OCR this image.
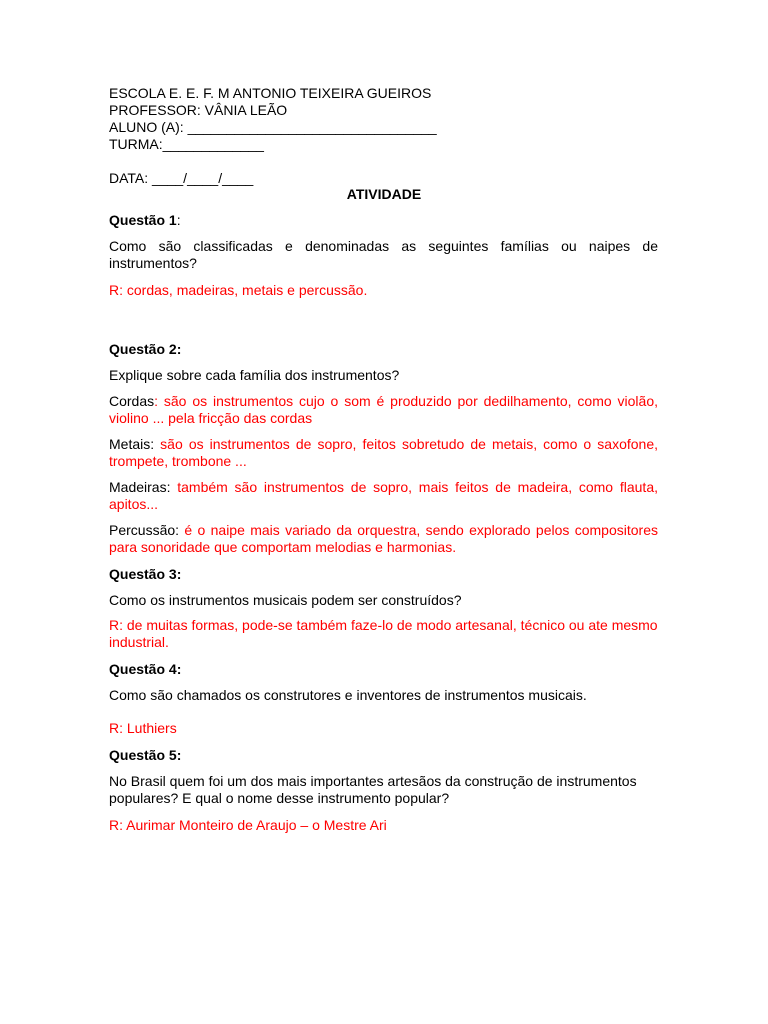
ESCOLA E. E. F. M ANTONIO TEIXEIRA GUEIROS
PROFESSOR: VÂNIA LEÃO
ALUNO (A): ________________________________
TURMA:_____________
DATA: ____/____/____
ATIVIDADE
Questão 1:
Como são classificadas e denominadas as seguintes famílias ou naipes de instrumentos?
R: cordas, madeiras, metais e percussão.
Questão 2:
Explique sobre cada família dos instrumentos?
Cordas: são os instrumentos cujo o som é produzido por dedilhamento, como violão, violino ... pela fricção das cordas
Metais: são os instrumentos de sopro, feitos sobretudo de metais, como o saxofone, trompete, trombone ...
Madeiras: também são instrumentos de sopro, mais feitos de madeira, como flauta, apitos...
Percussão: é o naipe mais variado da orquestra, sendo explorado pelos compositores para sonoridade que comportam melodias e harmonias.
Questão 3:
Como os instrumentos musicais podem ser construídos?
R: de muitas formas, pode-se também faze-lo de modo artesanal, técnico ou ate mesmo industrial.
Questão 4:
Como são chamados os construtores e inventores de instrumentos musicais.
R: Luthiers
Questão 5:
No Brasil quem foi um dos mais importantes artesãos da construção de instrumentos populares? E qual o nome desse instrumento popular?
R: Aurimar Monteiro de Araujo – o Mestre Ari
